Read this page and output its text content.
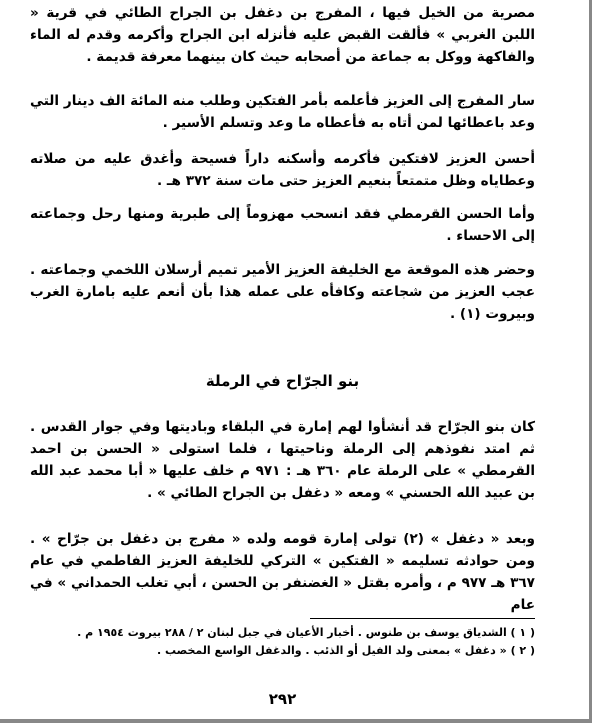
مصرية من الخيل فيها ، المفرج بن دغفل بن الجراح الطائي في قرية « اللبن الغربي » فألقت القبض عليه فأنزله ابن الجراح وأكرمه وقدم له الماء والفاكهة ووكل به جماعة من أصحابه حيث كان بينهما معرفة قديمة .

سار المفرج إلى العزيز فأعلمه بأمر الفتكين وطلب منه المائة الف دينار التي وعد باعطائها لمن أتاه به فأعطاه ما وعد وتسلم الأسير .

أحسن العزيز لافتكين فأكرمه وأسكنه داراً فسيحة وأغدق عليه من صلاته وعطاياه وظل متمتعاً بنعيم العزيز حتى مات سنة ٣٧٢ هـ .

وأما الحسن القرمطي فقد انسحب مهزوماً إلى طبرية ومنها رحل وجماعته إلى الاحساء .

وحضر هذه الموقعة مع الخليفة العزيز الأمير تميم أرسلان اللخمي وجماعته . عجب العزيز من شجاعته وكافأه على عمله هذا بأن أنعم عليه بامارة الغرب وبيروت (١) .

بنو الجرّاح في الرملة

كان بنو الجرّاح قد أنشأوا لهم إمارة في البلقاء وباديتها وفي جوار القدس . ثم امتد نفوذهم إلى الرملة وناحيتها ، فلما استولى « الحسن بن احمد القرمطي » على الرملة عام ٣٦٠ هـ : ٩٧١ م خلف عليها « أبا محمد عبد الله بن عبيد الله الحسني » ومعه « دغفل بن الجراح الطائي » .

وبعد « دغفل » (٢) تولى إمارة قومه ولده « مفرج بن دغفل بن جرّاح » . ومن حوادثه تسليمه « الفتكين » التركي للخليفة العزيز الفاطمي في عام ٣٦٧ هـ ٩٧٧ م ، وأمره بقتل « الغضنفر بن الحسن ، أبي تغلب الحمداني » في عام

( ١ ) الشدياق يوسف بن طنوس . أخبار الأعيان في جبل لبنان ٢ / ٢٨٨ بيروت ١٩٥٤ م .

( ٢ ) « دغفل » بمعنى ولد الفيل أو الذئب . والدغفل الواسع المخصب .

٢٩٢
